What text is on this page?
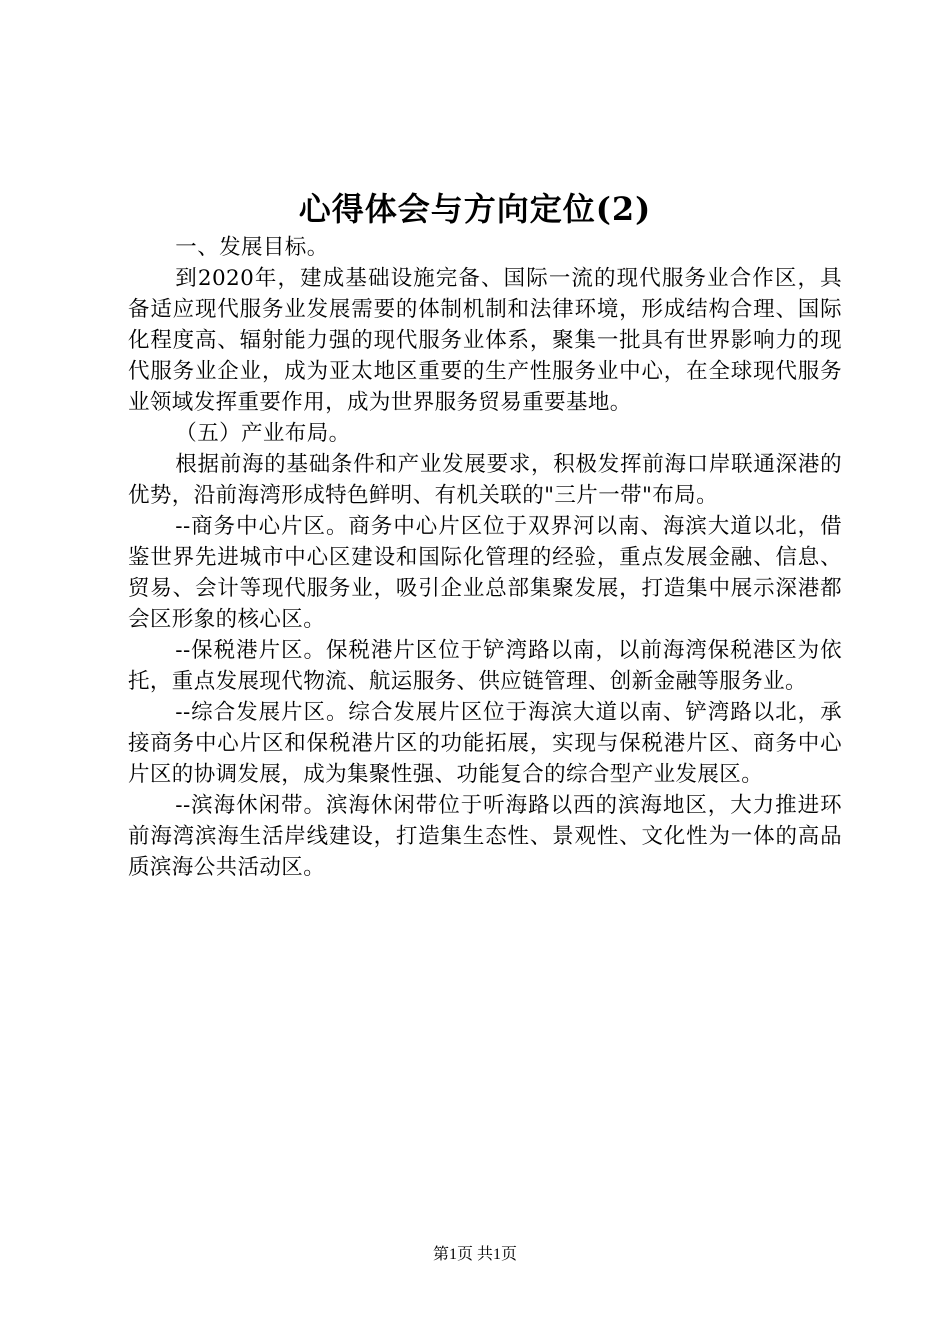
心得体会与方向定位(2)

一、发展目标。

到2020年，建成基础设施完备、国际一流的现代服务业合作区，具备适应现代服务业发展需要的体制机制和法律环境，形成结构合理、国际化程度高、辐射能力强的现代服务业体系，聚集一批具有世界影响力的现代服务业企业，成为亚太地区重要的生产性服务业中心，在全球现代服务业领域发挥重要作用，成为世界服务贸易重要基地。

（五）产业布局。

根据前海的基础条件和产业发展要求，积极发挥前海口岸联通深港的优势，沿前海湾形成特色鲜明、有机关联的"三片一带"布局。

--商务中心片区。商务中心片区位于双界河以南、海滨大道以北，借鉴世界先进城市中心区建设和国际化管理的经验，重点发展金融、信息、贸易、会计等现代服务业，吸引企业总部集聚发展，打造集中展示深港都会区形象的核心区。

--保税港片区。保税港片区位于铲湾路以南，以前海湾保税港区为依托，重点发展现代物流、航运服务、供应链管理、创新金融等服务业。

--综合发展片区。综合发展片区位于海滨大道以南、铲湾路以北，承接商务中心片区和保税港片区的功能拓展，实现与保税港片区、商务中心片区的协调发展，成为集聚性强、功能复合的综合型产业发展区。

--滨海休闲带。滨海休闲带位于听海路以西的滨海地区，大力推进环前海湾滨海生活岸线建设，打造集生态性、景观性、文化性为一体的高品质滨海公共活动区。

第1页 共1页
